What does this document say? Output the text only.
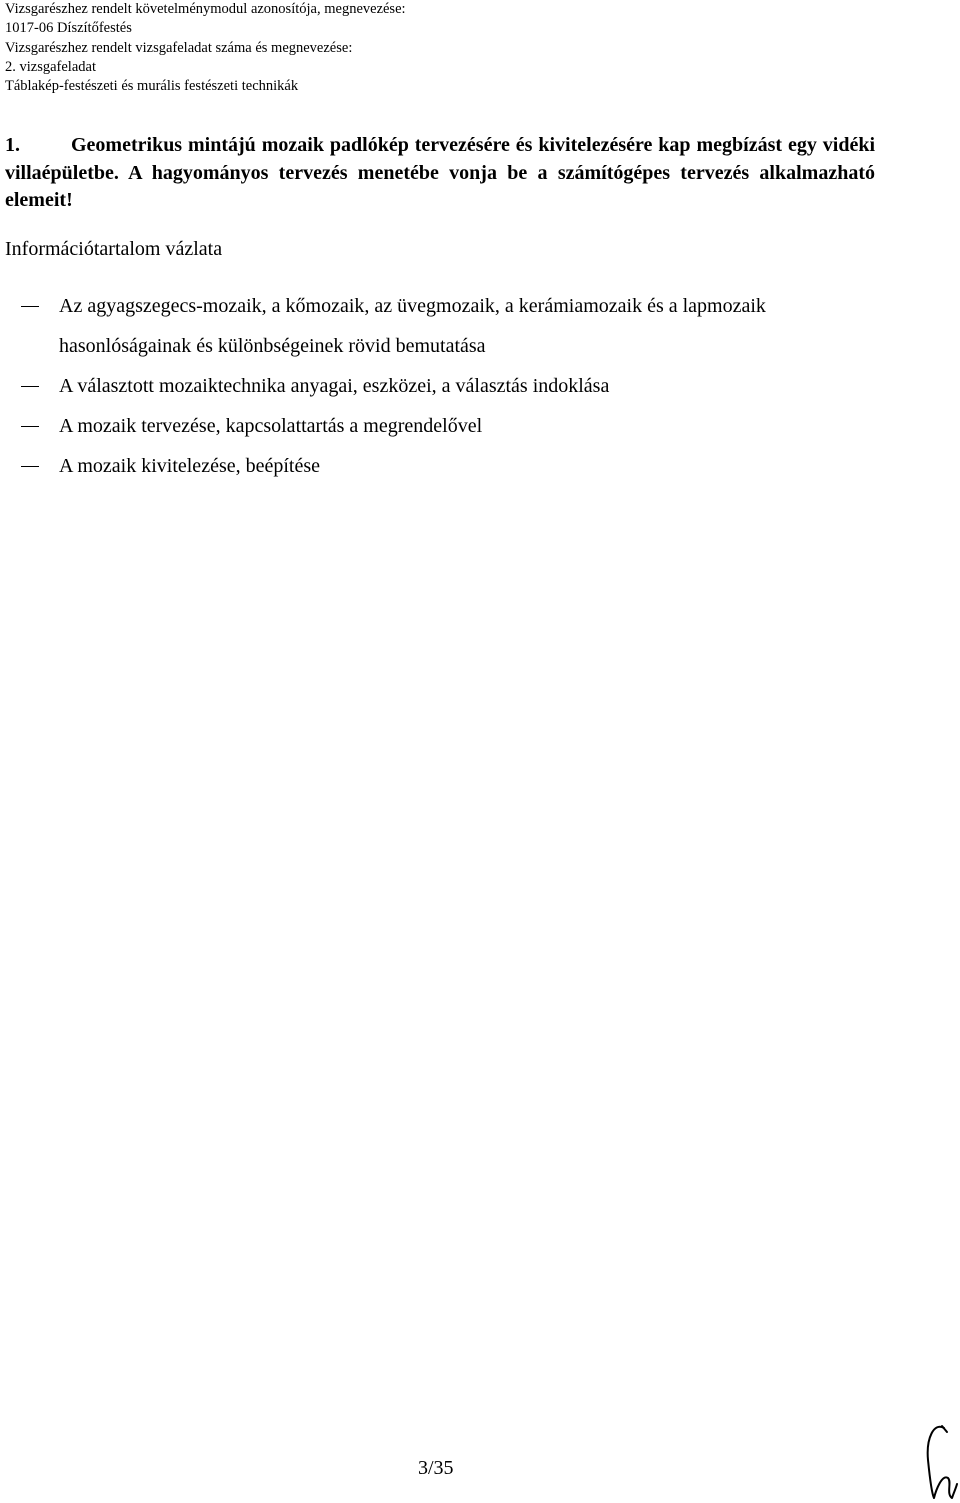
Vizsgarészhez rendelt követelménymodul azonosítója, megnevezése:
1017-06 Díszítőfestés
Vizsgarészhez rendelt vizsgafeladat száma és megnevezése:
2. vizsgafeladat
Táblakép-festészeti és murális festészeti technikák
1.	Geometrikus mintájú mozaik padlókép tervezésére és kivitelezésére kap megbízást egy vidéki villaépületbe. A hagyományos tervezés menetébe vonja be a számítógépes tervezés alkalmazható elemeit!
Információtartalom vázlata
Az agyagszegecs-mozaik, a kőmozaik, az üvegmozaik, a kerámiamozaik és a lapmozaik hasonlóságainak és különbségeinek rövid bemutatása
A választott mozaiktechnika anyagai, eszközei, a választás indoklása
A mozaik tervezése, kapcsolattartás a megrendelővel
A mozaik kivitelezése, beépítése
3/35
